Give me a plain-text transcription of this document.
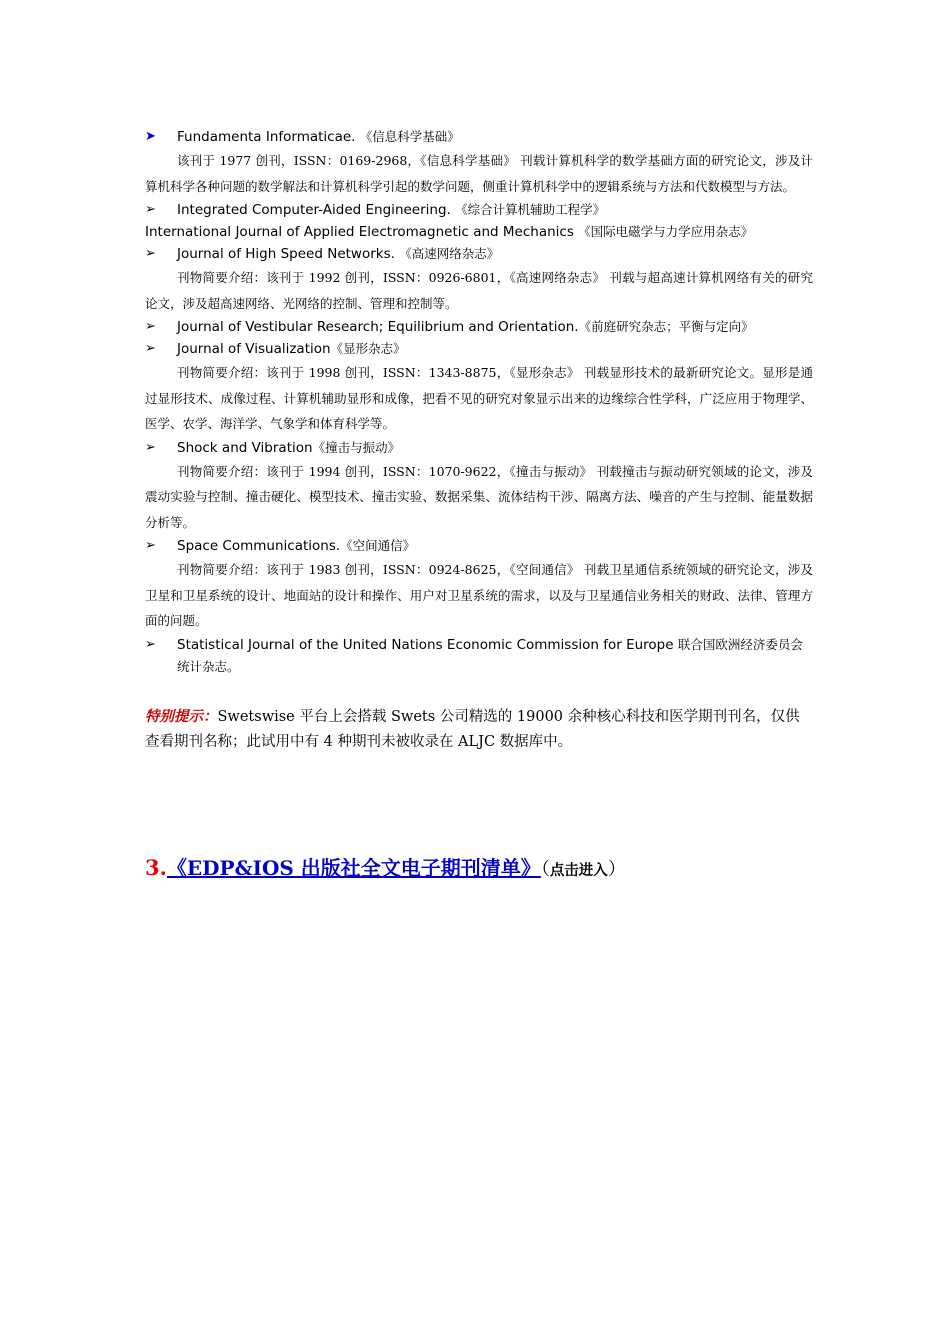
➤ Fundamenta Informaticae. 《信息科学基础》
该刊于 1977 创刊，ISSN：0169-2968，《信息科学基础》 刊载计算机科学的数学基础方面的研究论文，涉及计算机科学各种问题的数学解法和计算机科学引起的数学问题，侧重计算机科学中的逻辑系统与方法和代数模型与方法。
➢ Integrated Computer-Aided Engineering. 《综合计算机辅助工程学》
International Journal of Applied Electromagnetic and Mechanics 《国际电磁学与力学应用杂志》
➢ Journal of High Speed Networks. 《高速网络杂志》
刊物简要介绍：该刊于 1992 创刊，ISSN：0926-6801，《高速网络杂志》 刊载与超高速计算机网络有关的研究论文，涉及超高速网络、光网络的控制、管理和控制等。
➢ Journal of Vestibular Research; Equilibrium and Orientation.《前庭研究杂志；平衡与定向》
➢ Journal of Visualization《显形杂志》
刊物简要介绍：该刊于 1998 创刊，ISSN：1343-8875，《显形杂志》 刊载显形技术的最新研究论文。显形是通过显形技术、成像过程、计算机辅助显形和成像，把看不见的研究对象显示出来的边缘综合性学科，广泛应用于物理学、医学、农学、海洋学、气象学和体育科学等。
➢ Shock and Vibration《撞击与振动》
刊物简要介绍：该刊于 1994 创刊，ISSN：1070-9622，《撞击与振动》 刊载撞击与振动研究领域的论文，涉及震动实验与控制、撞击硬化、模型技术、撞击实验、数据采集、流体结构干涉、隔离方法、噪音的产生与控制、能量数据分析等。
➢ Space Communications.《空间通信》
刊物简要介绍：该刊于 1983 创刊，ISSN：0924-8625，《空间通信》 刊载卫星通信系统领域的研究论文，涉及卫星和卫星系统的设计、地面站的设计和操作、用户对卫星系统的需求，以及与卫星通信业务相关的财政、法律、管理方面的问题。
➢ Statistical Journal of the United Nations Economic Commission for Europe 联合国欧洲经济委员会统计杂志。
特别提示：Swetswise 平台上会搭载 Swets 公司精选的 19000 余种核心科技和医学期刊刊名，仅供查看期刊名称；此试用中有 4 种期刊未被收录在 ALJC 数据库中。
3.《EDP&IOS 出版社全文电子期刊清单》（点击进入）
